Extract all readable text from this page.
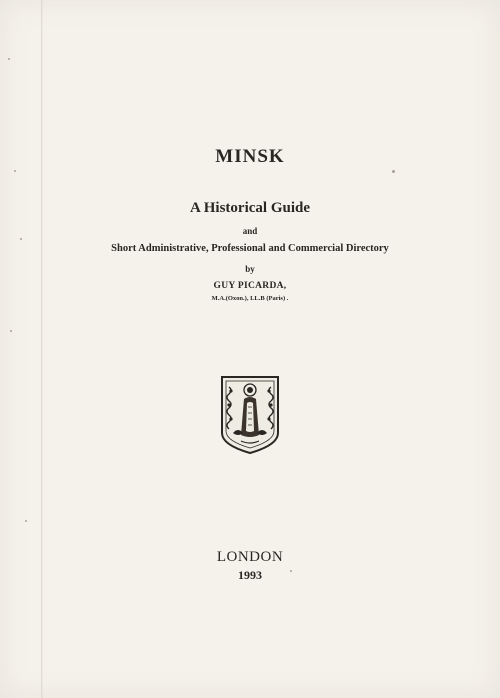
MINSK
A Historical Guide
and
Short Administrative, Professional and Commercial Directory
by
GUY PICARDA,
M.A.(Oxon.), LL.B (Paris) .
LONDON
1993
